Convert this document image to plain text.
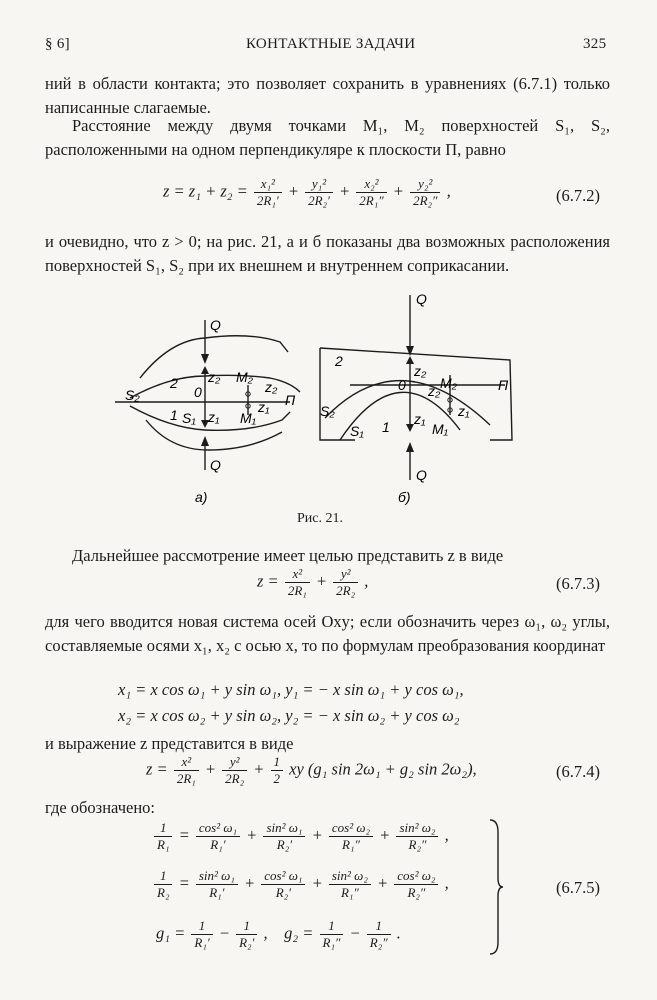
§ 6]	КОНТАКТНЫЕ ЗАДАЧИ	325
ний в области контакта; это позволяет сохранить в уравнениях (6.7.1) только написанные слагаемые.
Расстояние между двумя точками M₁, M₂ поверхностей S₁, S₂, расположенными на одном перпендикуляре к плоскости П, равно
$z = z_1 + z_2 = \frac{\text{x₁²}}{\text{2R₁′}} + \frac{\text{y₁²}}{\text{2R₂′}} + \frac{\text{x₂²}}{\text{2R₁″}} + \frac{\text{y₂²}}{\text{2R₂″}}$ ,	(6.7.2)
и очевидно, что z > 0; на рис. 21, а и б показаны два возможных расположения поверхностей S₁, S₂ при их внешнем и внутреннем соприкасании.
Q
Q
2
1
S₂
S₁
z₂
z₁
0
M₂
M₁
z₂
z₁ П
а)
Q
Q
2
1
S₂
S₁
z₂
z₁
0 M₂
M₁
z₂
z₁
П
б)
Рис. 21.
Дальнейшее рассмотрение имеет целью представить z в виде
$z = \frac{\text{x²}}{\text{2R₁}} + \frac{\text{y²}}{\text{2R₂}}$ ,	(6.7.3)
для чего вводится новая система осей Oxy; если обозначить через ω₁, ω₂ углы, составляемые осями x₁, x₂ с осью x, то по формулам преобразования координат
x₁ = x cos ω₁ + y sin ω₁, y₁ = − x sin ω₁ + y cos ω₁,
x₂ = x cos ω₂ + y sin ω₂, y₂ = − x sin ω₂ + y cos ω₂
и выражение z представится в виде
$z = \frac{\text{x²}}{\text{2R₁}} + \frac{\text{y²}}{\text{2R₂}} + \frac{1}{2}$ xy (g₁ sin 2ω₁ + g₂ sin 2ω₂),	(6.7.4)
где обозначено:
$\frac{1}{\text{R₁}} = \frac{\text{cos² ω₁}}{\text{R₁′}} + \frac{\text{sin² ω₁}}{\text{R₂′}} + \frac{\text{cos² ω₂}}{\text{R₁″}} + \frac{\text{sin² ω₂}}{\text{R₂″}}$ ,
$\frac{1}{\text{R₂}} = \frac{\text{sin² ω₁}}{\text{R₁′}} + \frac{\text{cos² ω₁}}{\text{R₂′}} + \frac{\text{sin² ω₂}}{\text{R₁″}} + \frac{\text{cos² ω₂}}{\text{R₂″}}$ ,
$g_1 = \frac{1}{\text{R₁′}} - \frac{1}{\text{R₂′}}$ , $g_2 = \frac{1}{\text{R₁″}} - \frac{1}{\text{R₂″}}$ .
(6.7.5)
